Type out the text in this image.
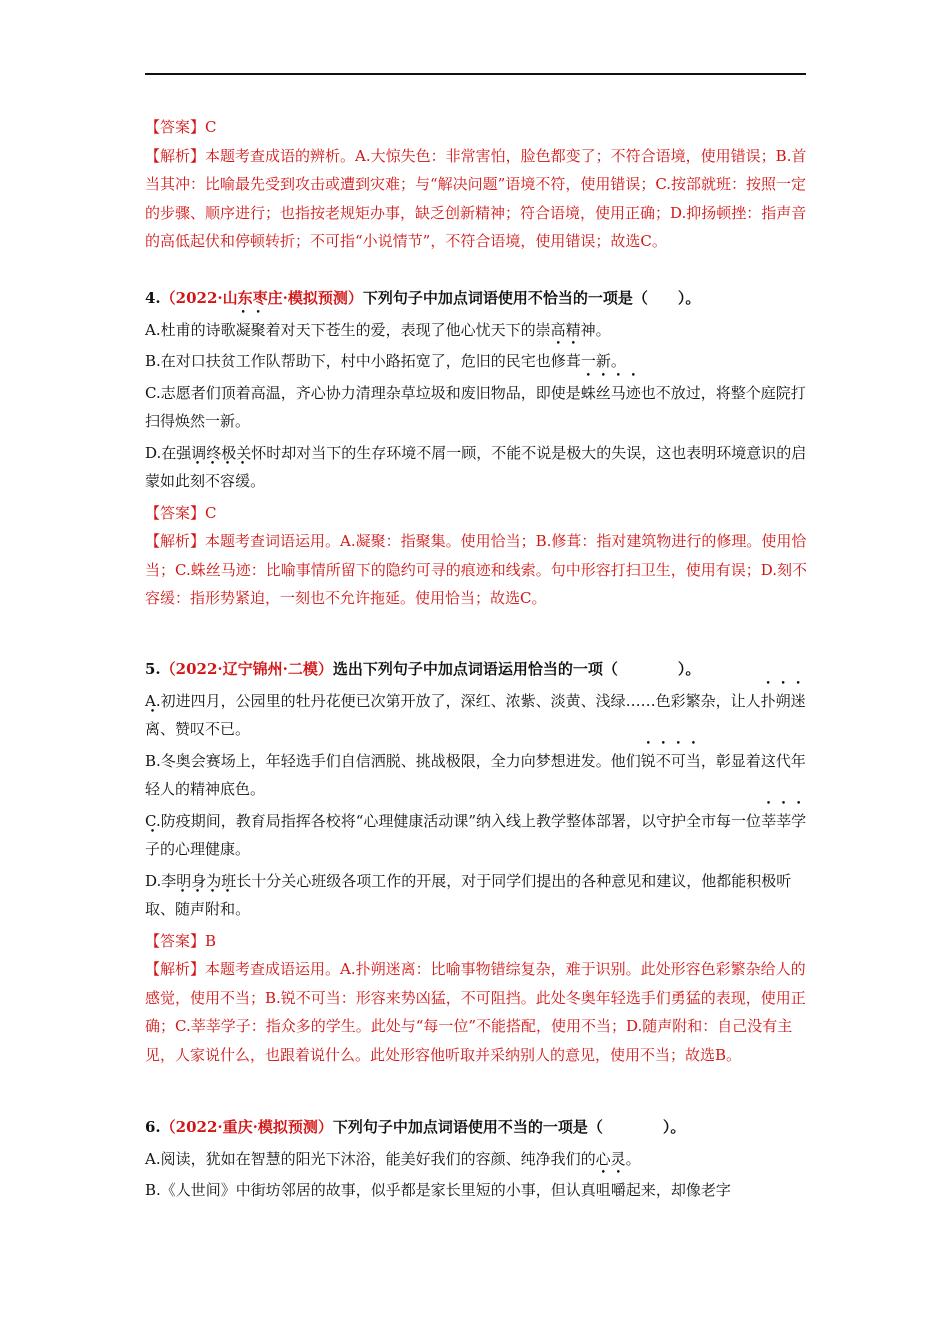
【答案】C
【解析】本题考查成语的辨析。A.大惊失色：非常害怕，脸色都变了；不符合语境，使用错误；B.首当其冲：比喻最先受到攻击或遭到灾难；与“解决问题”语境不符，使用错误；C.按部就班：按照一定的步骤、顺序进行；也指按老规矩办事，缺乏创新精神；符合语境，使用正确；D.抑扬顿挫：指声音的高低起伏和停顿转折；不可指“小说情节”，不符合语境，使用错误；故选C。
4.（2022·山东枣庄·模拟预测）下列句子中加点词语使用不恰当的一项是（　　）。
A.杜甫的诗歌凝聚着对天下苍生的爱，表现了他心忧天下的崇高精神。
B.在对口扶贫工作队帮助下，村中小路拓宽了，危旧的民宅也修葺一新。
C.志愿者们顶着高温，齐心协力清理杂草垃圾和废旧物品，即使是蛛丝马迹也不放过，将整个庭院打扫得焕然一新。
D.在强调终极关怀时却对当下的生存环境不屑一顾，不能不说是极大的失误，这也表明环境意识的启蒙如此刻不容缓。
【答案】C
【解析】本题考查词语运用。A.凝聚：指聚集。使用恰当；B.修葺：指对建筑物进行的修理。使用恰当；C.蛛丝马迹：比喻事情所留下的隐约可寻的痕迹和线索。句中形容打扫卫生，使用有误；D.刻不容缓：指形势紧迫，一刻也不允许拖延。使用恰当；故选C。
5.（2022·辽宁锦州·二模）选出下列句子中加点词语运用恰当的一项（　　　　）。
A.初进四月，公园里的牡丹花便已次第开放了，深红、浓紫、淡黄、浅绿……色彩繁杂，让人扑朔迷离、赞叹不已。
B.冬奥会赛场上，年轻选手们自信洒脱、挑战极限，全力向梦想进发。他们锐不可当，彰显着这代年轻人的精神底色。
C.防疫期间，教育局指挥各校将“心理健康活动课”纳入线上教学整体部署，以守护全市每一位莘莘学子的心理健康。
D.李明身为班长十分关心班级各项工作的开展，对于同学们提出的各种意见和建议，他都能积极听取、随声附和。
【答案】B
【解析】本题考查成语运用。A.扑朔迷离：比喻事物错综复杂，难于识别。此处形容色彩繁杂给人的感觉，使用不当；B.锐不可当：形容来势凶猛，不可阻挡。此处冬奥年轻选手们勇猛的表现，使用正确；C.莘莘学子：指众多的学生。此处与“每一位”不能搭配，使用不当；D.随声附和：自己没有主见，人家说什么，也跟着说什么。此处形容他听取并采纳别人的意见，使用不当；故选B。
6.（2022·重庆·模拟预测）下列句子中加点词语使用不当的一项是（　　　　）。
A.阅读，犹如在智慧的阳光下沐浴，能美好我们的容颜、纯净我们的心灵。
B.《人世间》中街坊邻居的故事，似乎都是家长里短的小事，但认真咀嚼起来，却像老字
